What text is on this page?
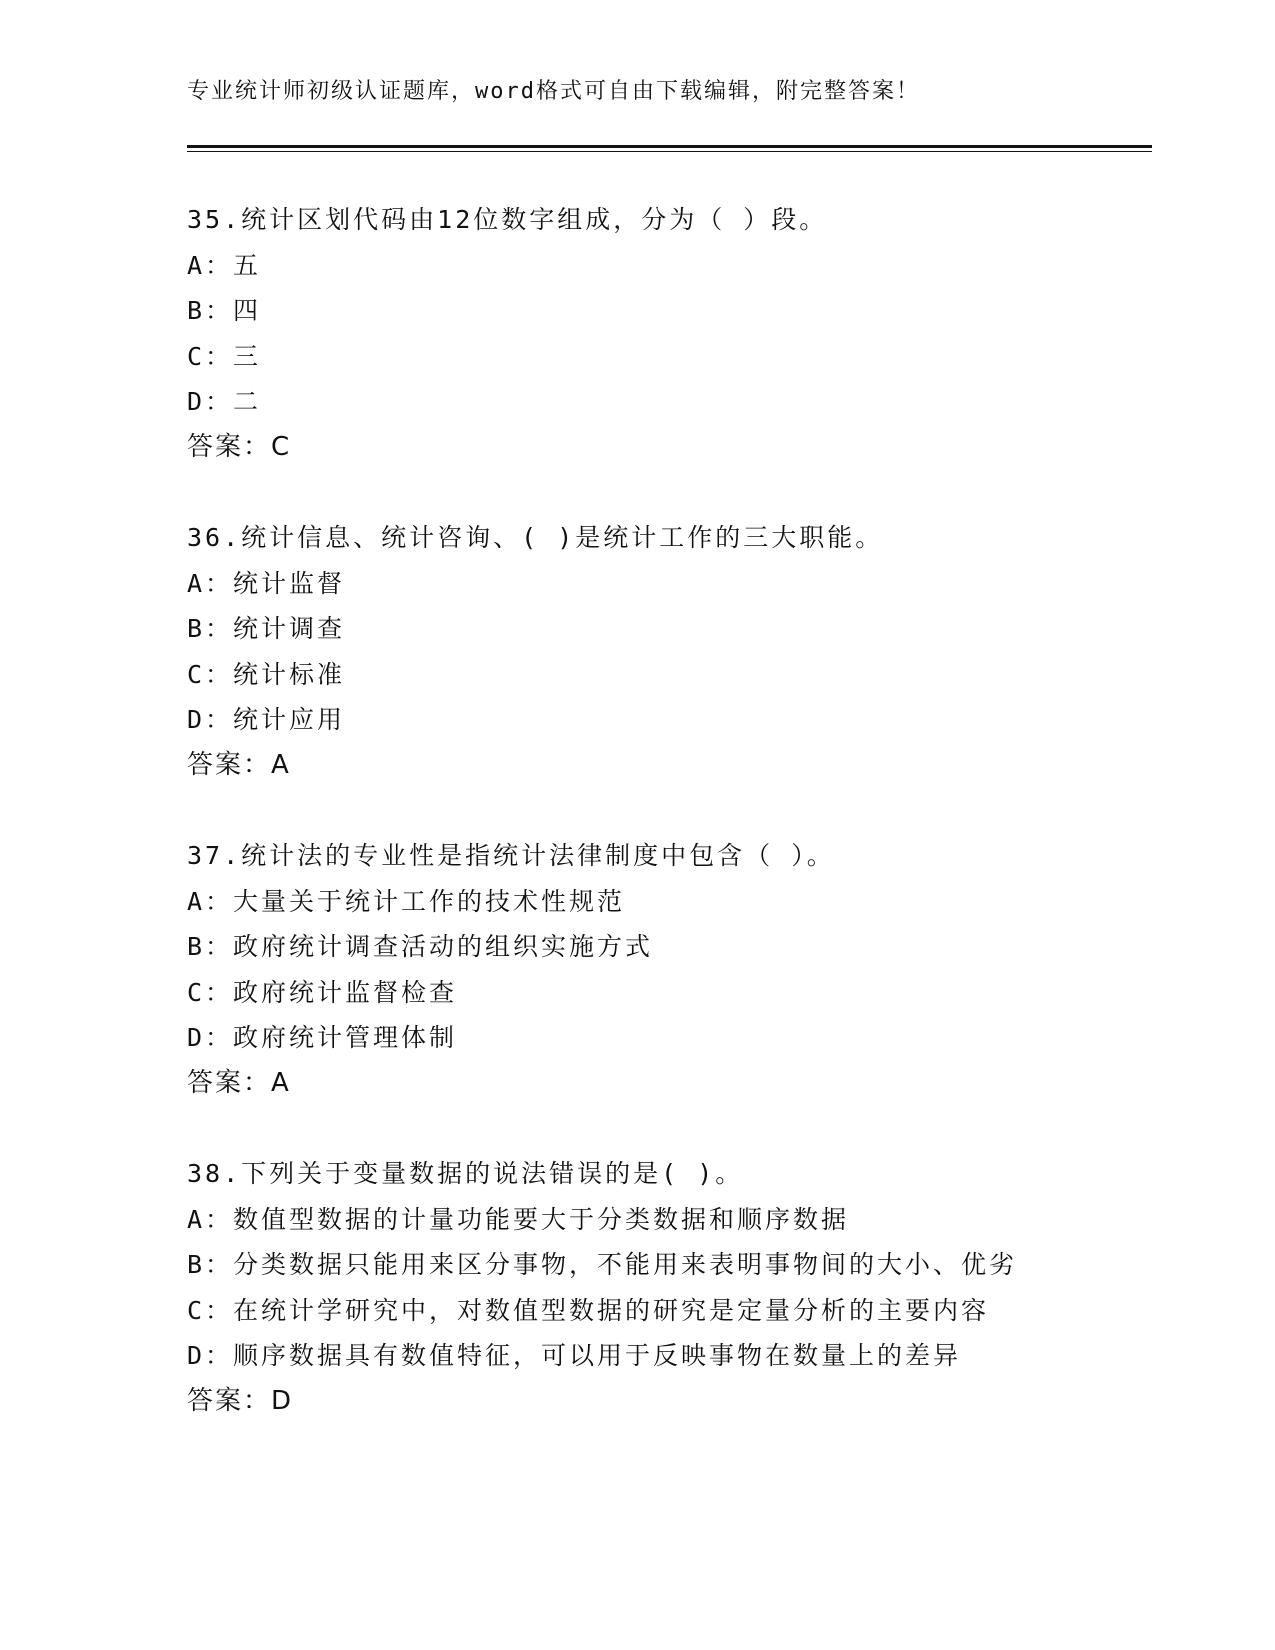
专业统计师初级认证题库，word格式可自由下载编辑，附完整答案！
35.统计区划代码由12位数字组成，分为（ ）段。
A：五
B：四
C：三
D：二
答案：C
36.统计信息、统计咨询、( )是统计工作的三大职能。
A：统计监督
B：统计调查
C：统计标准
D：统计应用
答案：A
37.统计法的专业性是指统计法律制度中包含（ ）。
A：大量关于统计工作的技术性规范
B：政府统计调查活动的组织实施方式
C：政府统计监督检查
D：政府统计管理体制
答案：A
38.下列关于变量数据的说法错误的是( )。
A：数值型数据的计量功能要大于分类数据和顺序数据
B：分类数据只能用来区分事物，不能用来表明事物间的大小、优劣
C：在统计学研究中，对数值型数据的研究是定量分析的主要内容
D：顺序数据具有数值特征，可以用于反映事物在数量上的差异
答案：D
